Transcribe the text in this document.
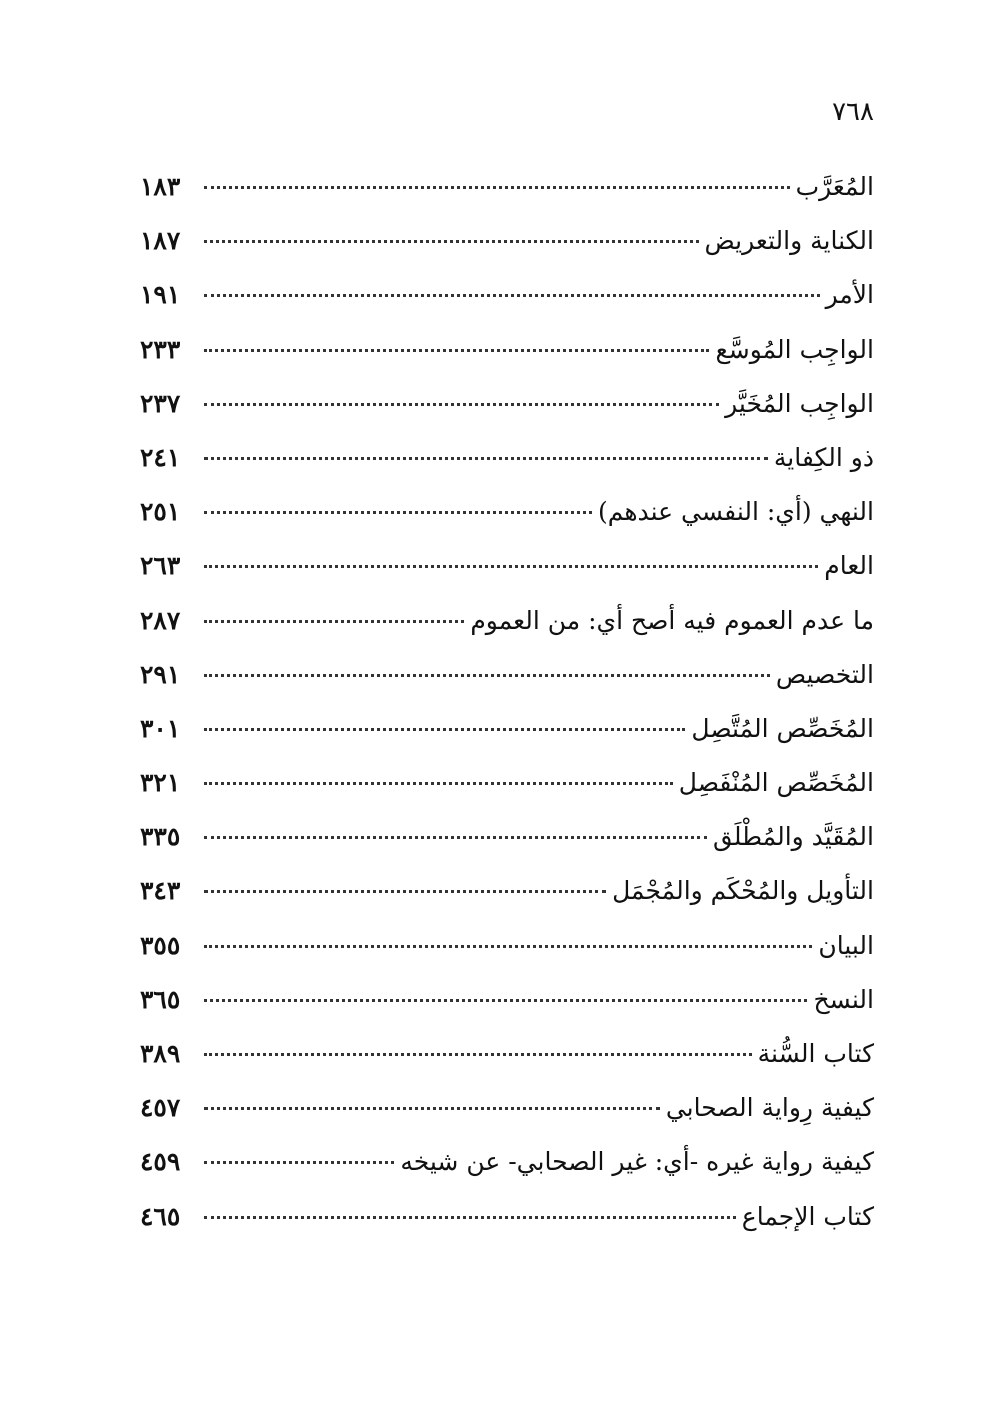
٧٦٨
المُعَرَّب
١٨٣
الكناية والتعريض
١٨٧
الأمر
١٩١
الواجِب المُوسَّع
٢٣٣
الواجِب المُخَيَّر
٢٣٧
ذو الكِفاية
٢٤١
النهي (أي: النفسي عندهم)
٢٥١
العام
٢٦٣
ما عدم العموم فيه أصح أي: من العموم
٢٨٧
التخصيص
٢٩١
المُخَصِّص المُتَّصِل
٣٠١
المُخَصِّص المُنْفَصِل
٣٢١
المُقَيَّد والمُطْلَق
٣٣٥
التأويل والمُحْكَم والمُجْمَل
٣٤٣
البيان
٣٥٥
النسخ
٣٦٥
كتاب السُّنة
٣٨٩
كيفية رِواية الصحابي
٤٥٧
كيفية رواية غيره -أي: غير الصحابي- عن شيخه
٤٥٩
كتاب الإجماع
٤٦٥
